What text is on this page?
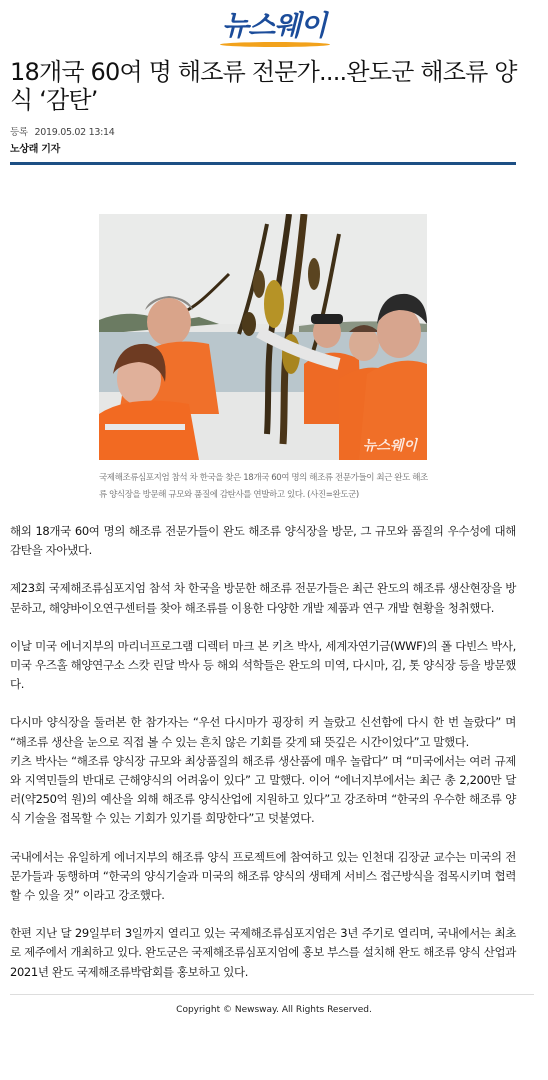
뉴스웨이
18개국 60여 명 해조류 전문가....완도군 해조류 양식 ‘감탄’
등록 2019.05.02 13:14
노상래 기자
뉴스웨이
국제해조류심포지엄 참석 차 한국을 찾은 18개국 60여 명의 해조류 전문가들이 최근 완도 해조류 양식장을 방문해 규모와 품질에 감탄사를 연발하고 있다. (사진=완도군)

해외 18개국 60여 명의 해조류 전문가들이 완도 해조류 양식장을 방문, 그 규모와 품질의 우수성에 대해 감탄을 자아냈다.

제23회 국제해조류심포지엄 참석 차 한국을 방문한 해조류 전문가들은 최근 완도의 해조류 생산현장을 방문하고, 해양바이오연구센터를 찾아 해조류를 이용한 다양한 개발 제품과 연구 개발 현황을 청취했다.

이날 미국 에너지부의 마리너프로그램 디렉터 마크 본 키츠 박사, 세계자연기금(WWF)의 폴 다빈스 박사, 미국 우즈홀 해양연구소 스캇 린달 박사 등 해외 석학들은 완도의 미역, 다시마, 김, 톳 양식장 등을 방문했다.

다시마 양식장을 둘러본 한 참가자는 “우선 다시마가 굉장히 커 놀랐고 신선함에 다시 한 번 놀랐다” 며 “해조류 생산을 눈으로 직접 볼 수 있는 흔치 않은 기회를 갖게 돼 뜻깊은 시간이었다”고 말했다.

키츠 박사는 “해조류 양식장 규모와 최상품질의 해조류 생산품에 매우 놀랍다” 며 “미국에서는 여러 규제와 지역민들의 반대로 근해양식의 어려움이 있다” 고 말했다. 이어 “에너지부에서는 최근 총 2,200만 달러(약250억 원)의 예산을 외해 해조류 양식산업에 지원하고 있다”고 강조하며 “한국의 우수한 해조류 양식 기술을 접목할 수 있는 기회가 있기를 희망한다”고 덧붙였다.

국내에서는 유일하게 에너지부의 해조류 양식 프로젝트에 참여하고 있는 인천대 김장균 교수는 미국의 전문가들과 동행하며 “한국의 양식기술과 미국의 해조류 양식의 생태계 서비스 접근방식을 접목시키며 협력할 수 있을 것” 이라고 강조했다.

한편 지난 달 29일부터 3일까지 열리고 있는 국제해조류심포지엄은 3년 주기로 열리며, 국내에서는 최초로 제주에서 개최하고 있다. 완도군은 국제해조류심포지엄에 홍보 부스를 설치해 완도 해조류 양식 산업과 2021년 완도 국제해조류박람회를 홍보하고 있다.

Copyright © Newsway. All Rights Reserved.
